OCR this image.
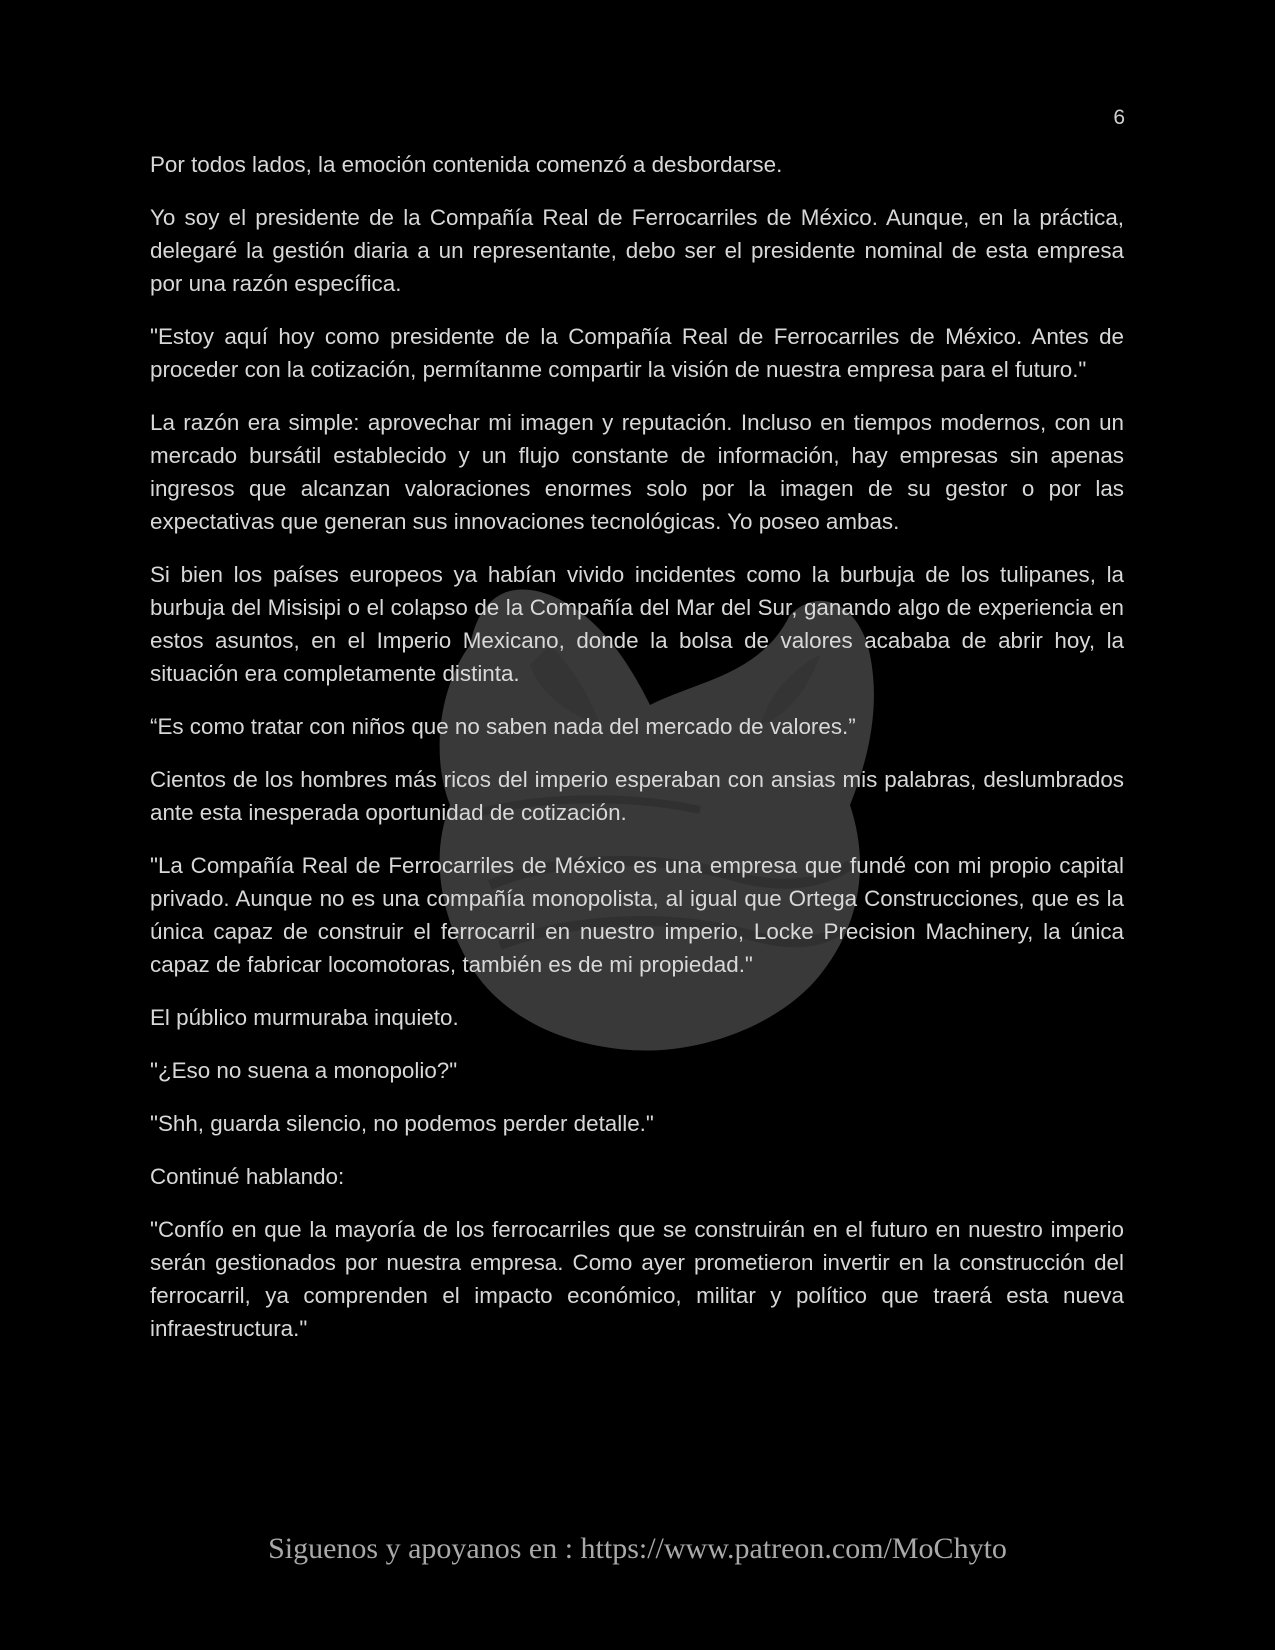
6

Por todos lados, la emoción contenida comenzó a desbordarse.

Yo soy el presidente de la Compañía Real de Ferrocarriles de México. Aunque, en la práctica, delegaré la gestión diaria a un representante, debo ser el presidente nominal de esta empresa por una razón específica.

"Estoy aquí hoy como presidente de la Compañía Real de Ferrocarriles de México. Antes de proceder con la cotización, permítanme compartir la visión de nuestra empresa para el futuro."

La razón era simple: aprovechar mi imagen y reputación. Incluso en tiempos modernos, con un mercado bursátil establecido y un flujo constante de información, hay empresas sin apenas ingresos que alcanzan valoraciones enormes solo por la imagen de su gestor o por las expectativas que generan sus innovaciones tecnológicas. Yo poseo ambas.

Si bien los países europeos ya habían vivido incidentes como la burbuja de los tulipanes, la burbuja del Misisipi o el colapso de la Compañía del Mar del Sur, ganando algo de experiencia en estos asuntos, en el Imperio Mexicano, donde la bolsa de valores acababa de abrir hoy, la situación era completamente distinta.

“Es como tratar con niños que no saben nada del mercado de valores.”

Cientos de los hombres más ricos del imperio esperaban con ansias mis palabras, deslumbrados ante esta inesperada oportunidad de cotización.

"La Compañía Real de Ferrocarriles de México es una empresa que fundé con mi propio capital privado. Aunque no es una compañía monopolista, al igual que Ortega Construcciones, que es la única capaz de construir el ferrocarril en nuestro imperio, Locke Precision Machinery, la única capaz de fabricar locomotoras, también es de mi propiedad."

El público murmuraba inquieto.

"¿Eso no suena a monopolio?"

"Shh, guarda silencio, no podemos perder detalle."

Continué hablando:

"Confío en que la mayoría de los ferrocarriles que se construirán en el futuro en nuestro imperio serán gestionados por nuestra empresa. Como ayer prometieron invertir en la construcción del ferrocarril, ya comprenden el impacto económico, militar y político que traerá esta nueva infraestructura."

Siguenos y apoyanos en : https://www.patreon.com/MoChyto
